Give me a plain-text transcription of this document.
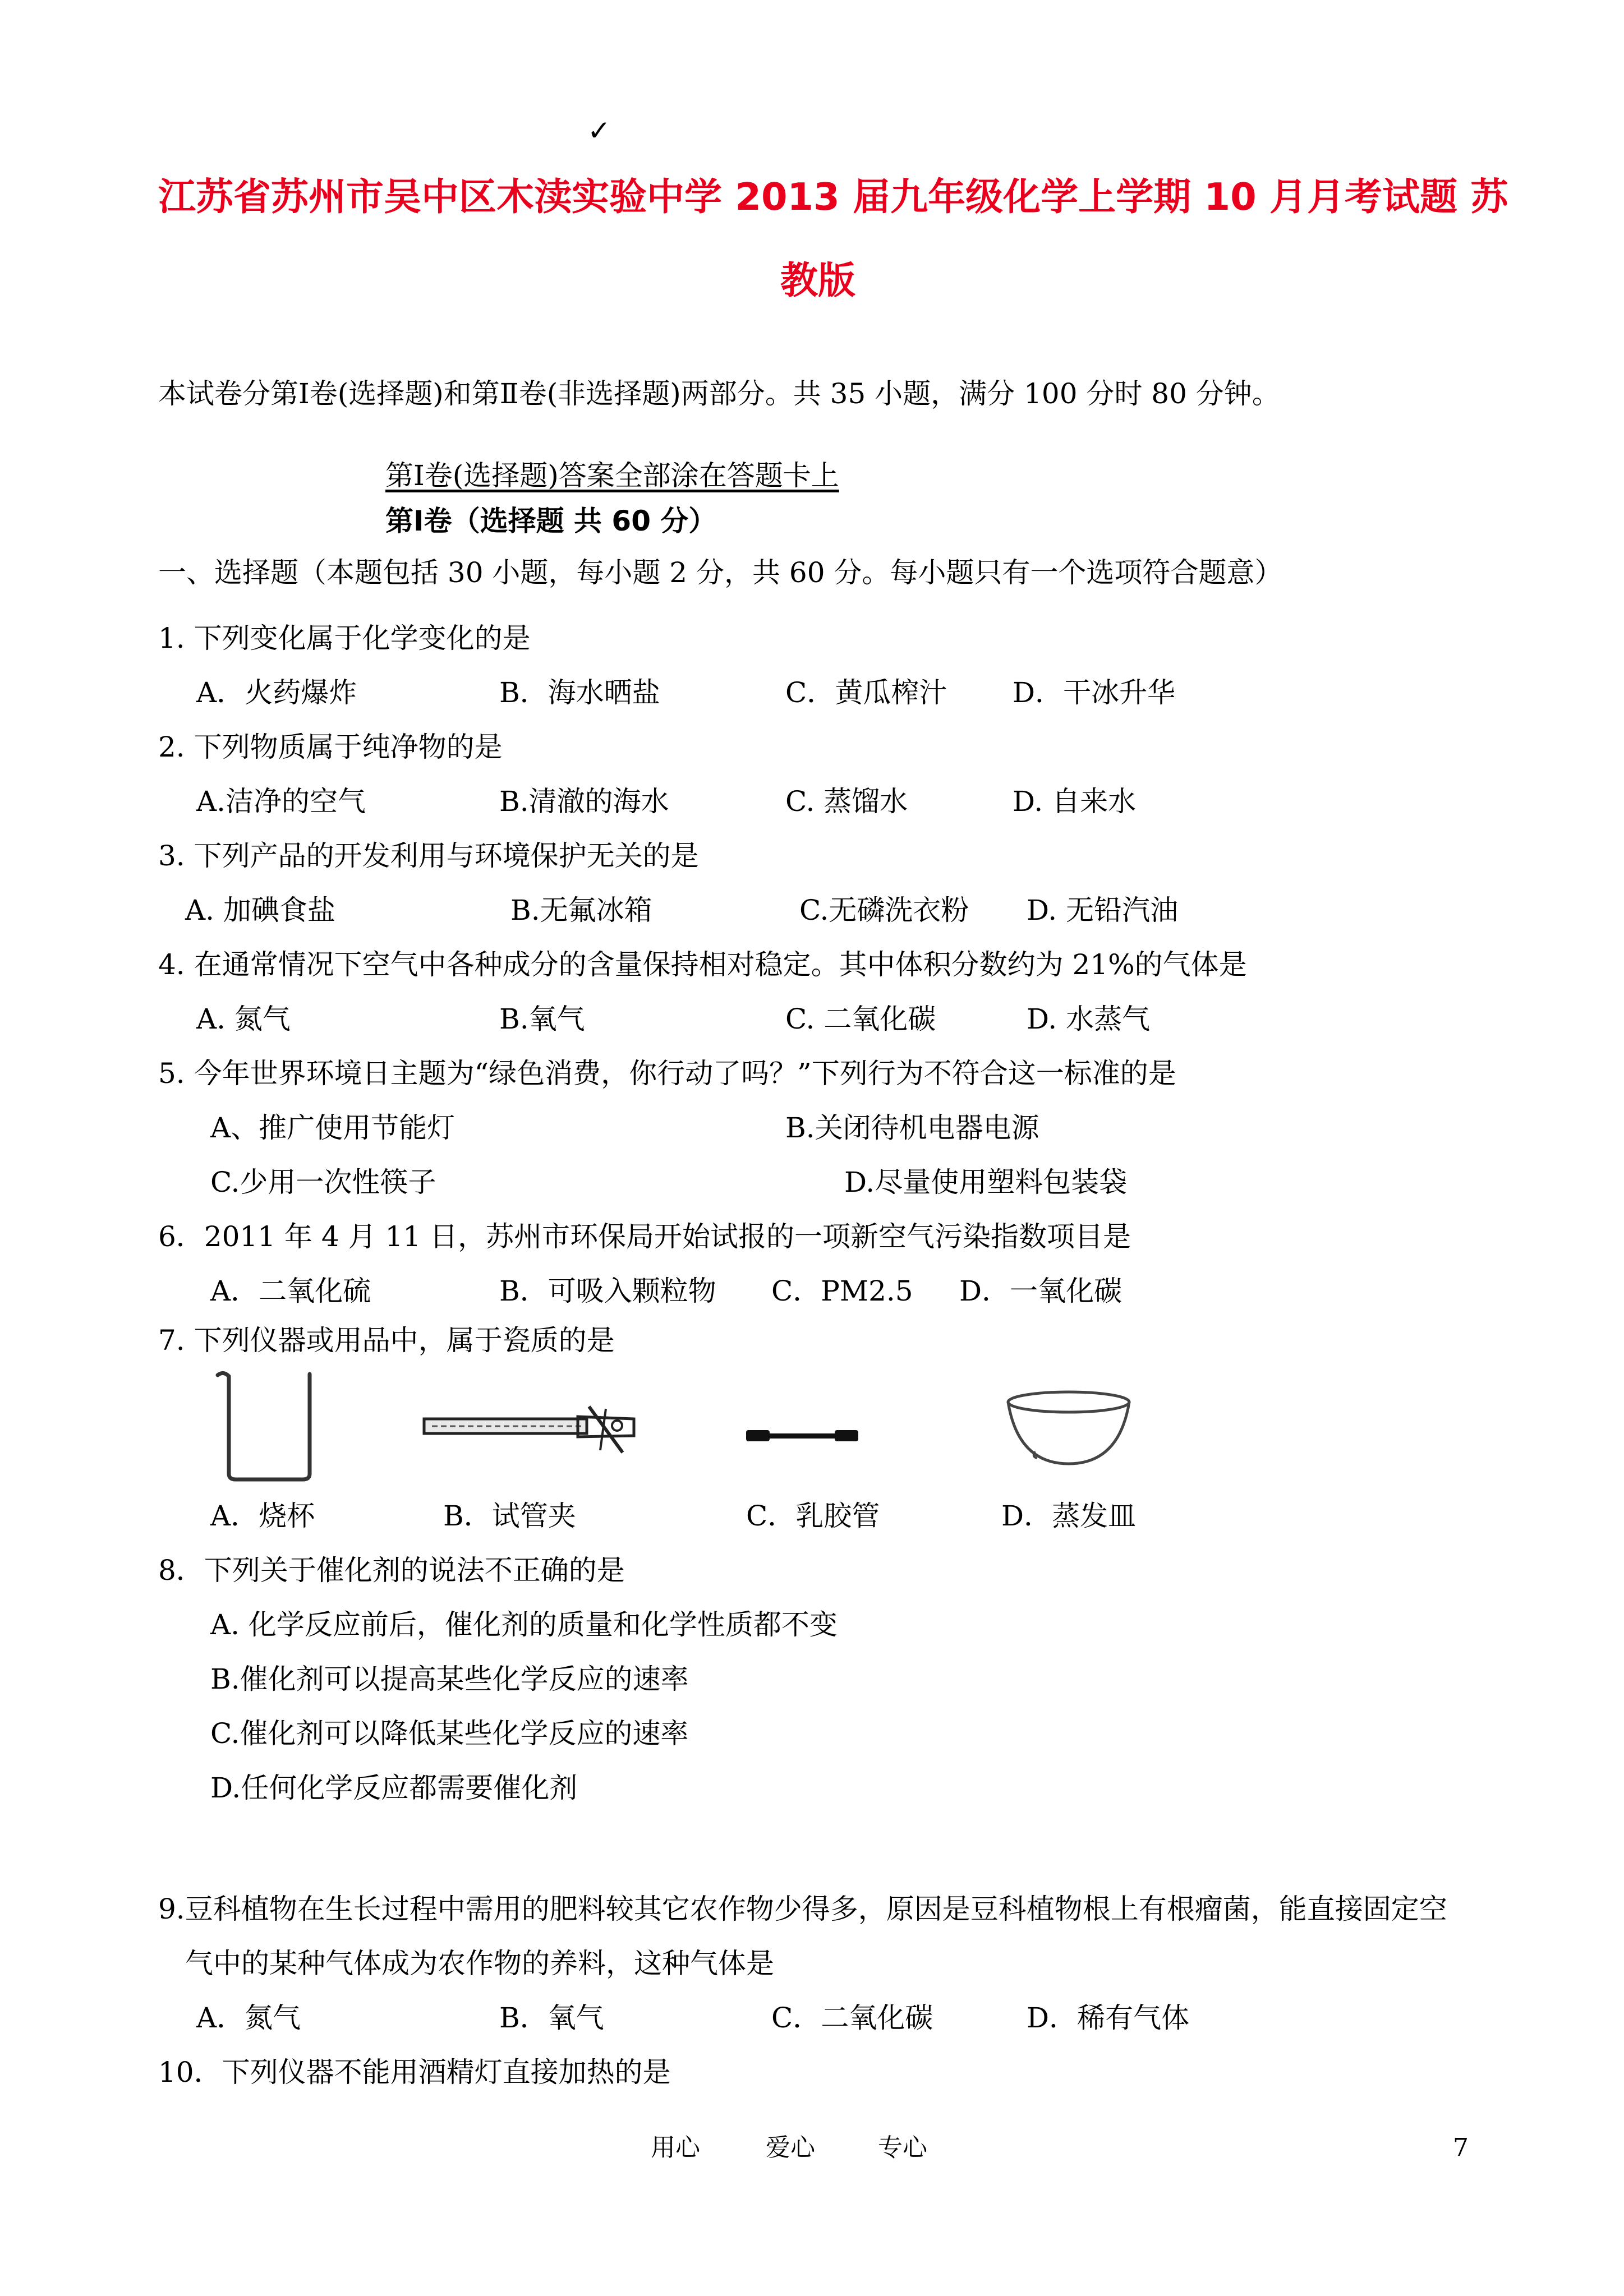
✓
江苏省苏州市吴中区木渎实验中学 2013 届九年级化学上学期 10 月月考试题 苏
教版
本试卷分第Ⅰ卷(选择题)和第Ⅱ卷(非选择题)两部分。共 35 小题，满分 100 分时 80 分钟。
第Ⅰ卷(选择题)答案全部涂在答题卡上
第Ⅰ卷（选择题 共 60 分）
一、选择题（本题包括 30 小题，每小题 2 分，共 60 分。每小题只有一个选项符合题意）
1. 下列变化属于化学变化的是
A．火药爆炸	B．海水晒盐	C．黄瓜榨汁 D．干冰升华
2. 下列物质属于纯净物的是
A.洁净的空气	B.清澈的海水	C. 蒸馏水	D. 自来水
3. 下列产品的开发利用与环境保护无关的是
A. 加碘食盐	B.无氟冰箱	C.无磷洗衣粉 D. 无铅汽油
4. 在通常情况下空气中各种成分的含量保持相对稳定。其中体积分数约为 21%的气体是
A. 氮气	B.氧气	C. 二氧化碳	D. 水蒸气
5. 今年世界环境日主题为“绿色消费，你行动了吗？”下列行为不符合这一标准的是
A、推广使用节能灯	B.关闭待机电器电源
C.少用一次性筷子	D.尽量使用塑料包装袋
6．2011 年 4 月 11 日，苏州市环保局开始试报的一项新空气污染指数项目是
A．二氧化硫	B．可吸入颗粒物 C．PM2.5 D．一氧化碳
7. 下列仪器或用品中，属于瓷质的是
A．烧杯	B．试管夹	C．乳胶管	D．蒸发皿
8．下列关于催化剂的说法不正确的是
A. 化学反应前后，催化剂的质量和化学性质都不变
B.催化剂可以提高某些化学反应的速率
C.催化剂可以降低某些化学反应的速率
D.任何化学反应都需要催化剂
9.豆科植物在生长过程中需用的肥料较其它农作物少得多，原因是豆科植物根上有根瘤菌，能直接固定空
气中的某种气体成为农作物的养料，这种气体是
A．氮气	B．氧气	C．二氧化碳	D．稀有气体
10．下列仪器不能用酒精灯直接加热的是
用心	爱心	专心	7
